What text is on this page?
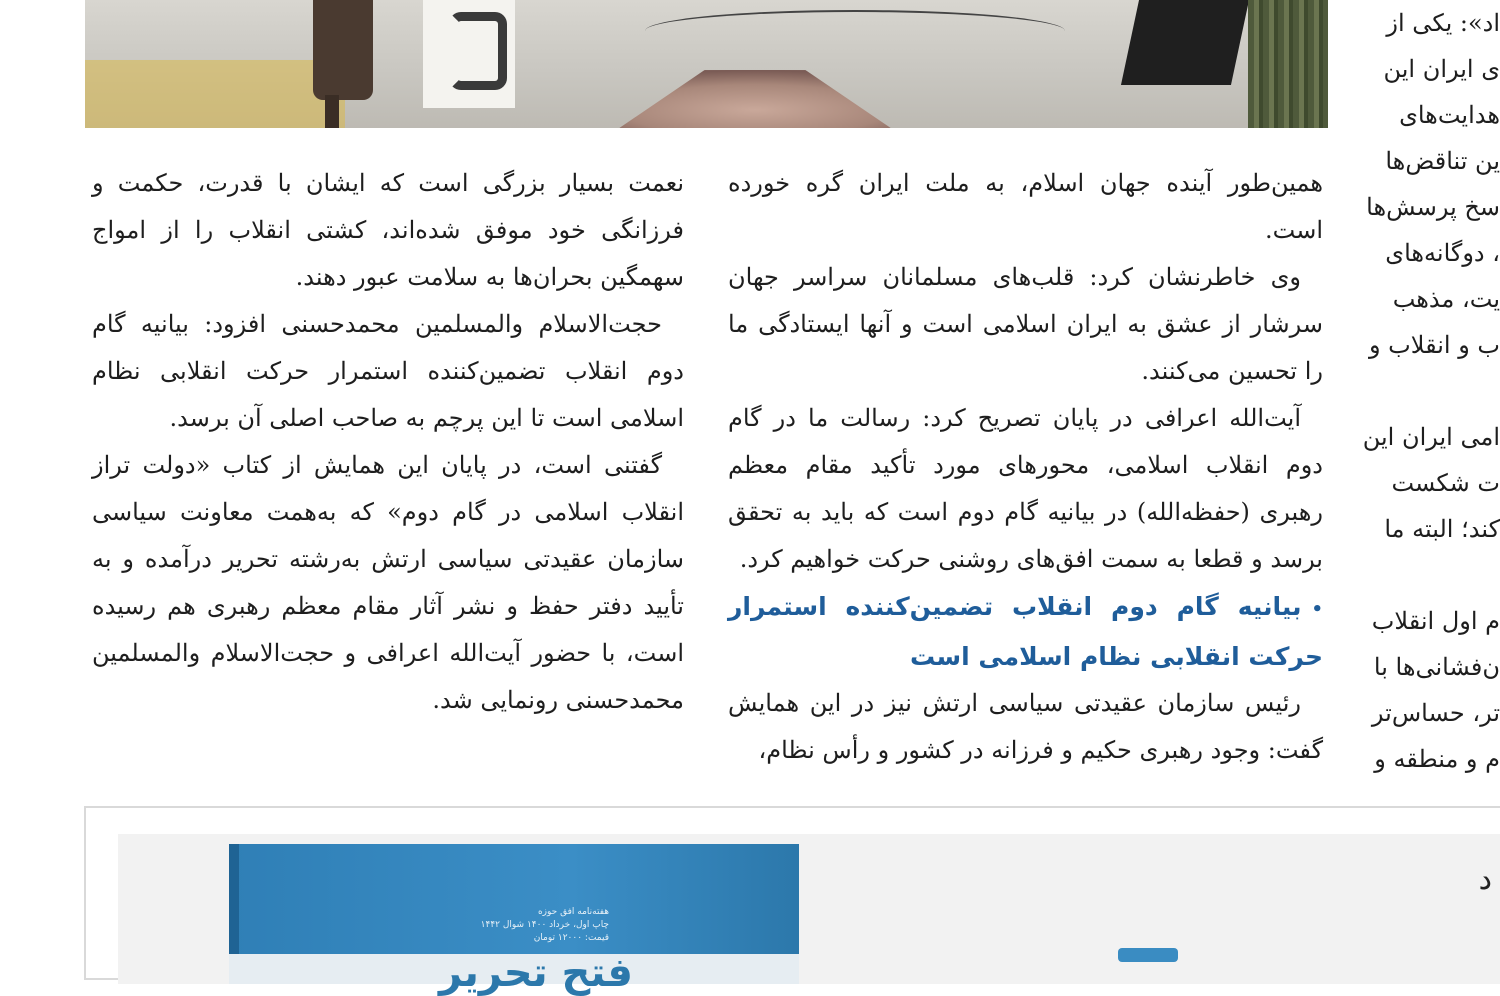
اد»: یکی از

ی ایران این

هدایت‌های

ین تناقض‌ها

سخ پرسش‌ها

، دوگانه‌های

یت، مذهب

ب و انقلاب و

امی ایران این

ت شکست

کند؛ البته ما

م اول انقلاب

ن‌فشانی‌ها با

تر، حساس‌تر

م و منطقه و

همین‌طور آینده جهان اسلام، به ملت ایران گره خورده است.

وی خاطرنشان کرد: قلب‌های مسلمانان سراسر جهان سرشار از عشق به ایران اسلامی است و آنها ایستادگی ما را تحسین می‌کنند.

آیت‌الله اعرافی در پایان تصریح کرد: رسالت ما در گام دوم انقلاب اسلامی، محورهای مورد تأکید مقام معظم رهبری (حفظه‌الله) در بیانیه گام دوم است که باید به تحقق برسد و قطعا به سمت افق‌های روشنی حرکت خواهیم کرد.

•بیانیه گام دوم انقلاب تضمین‌کننده استمرار حرکت انقلابی نظام اسلامی است

رئیس سازمان عقیدتی سیاسی ارتش نیز در این همایش گفت: وجود رهبری حکیم و فرزانه در کشور و رأس نظام،

نعمت بسیار بزرگی است که ایشان با قدرت، حکمت و فرزانگی خود موفق شده‌اند، کشتی انقلاب را از امواج سهمگین بحران‌ها به سلامت عبور دهند.

حجت‌الاسلام والمسلمین محمدحسنی افزود: بیانیه گام دوم انقلاب تضمین‌کننده استمرار حرکت انقلابی نظام اسلامی است تا این پرچم به صاحب اصلی آن برسد.

گفتنی است، در پایان این همایش از کتاب «دولت تراز انقلاب اسلامی در گام دوم» که به‌همت معاونت سیاسی سازمان عقیدتی سیاسی ارتش به‌رشته تحریر درآمده و به تأیید دفتر حفظ و نشر آثار مقام معظم رهبری هم رسیده است، با حضور آیت‌الله اعرافی و حجت‌الاسلام والمسلمین محمدحسنی رونمایی شد.

هفته‌نامه افق حوزه
چاپ اول، خرداد ۱۴۰۰ شوال ۱۴۴۲
قیمت: ۱۲۰۰۰ تومان
فتح تحریر
د
